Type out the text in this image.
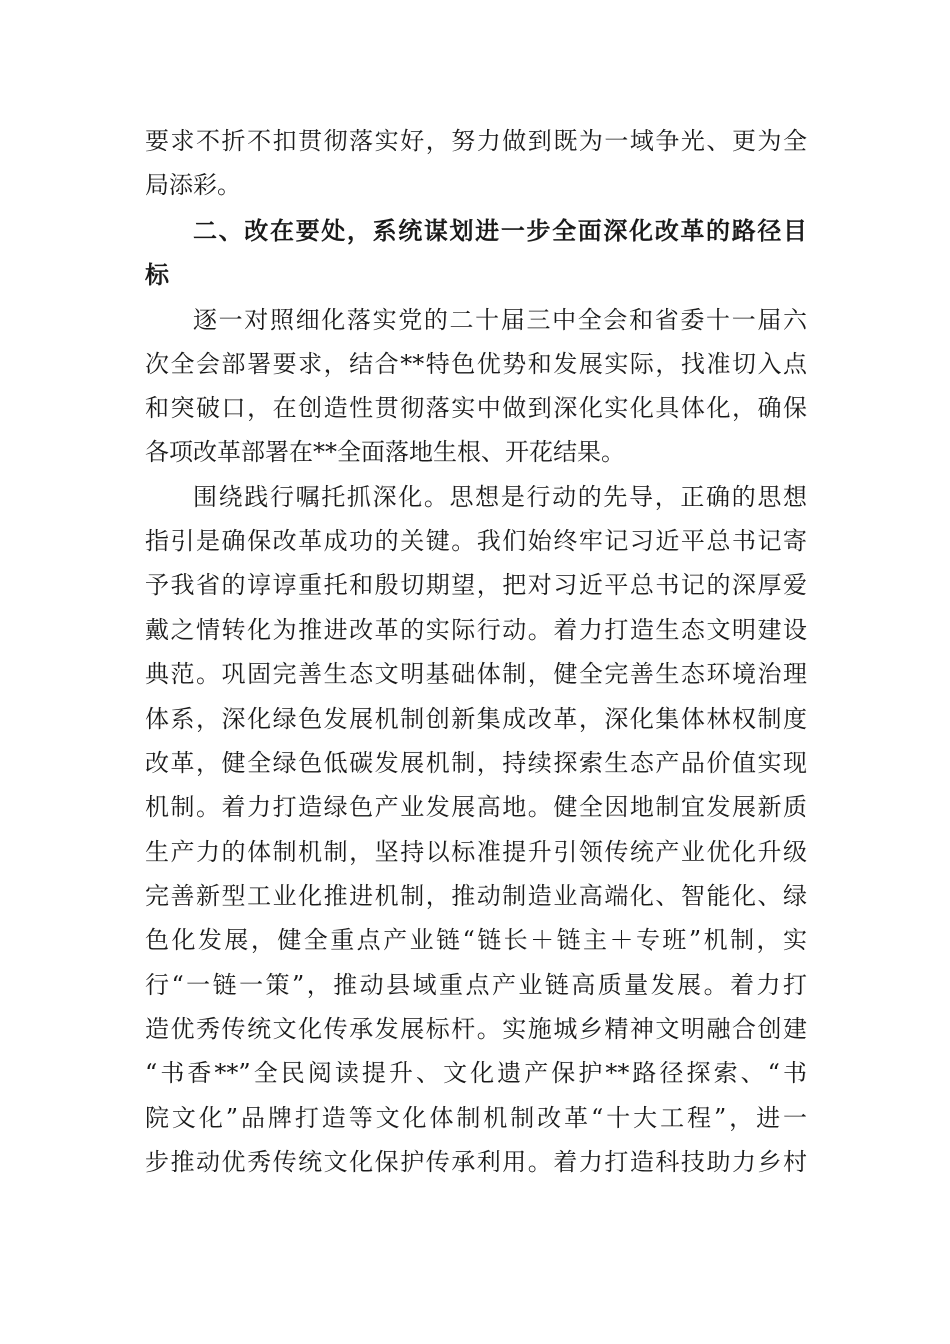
要求不折不扣贯彻落实好，努力做到既为一域争光、更为全
局添彩。
二、改在要处，系统谋划进一步全面深化改革的路径目
标
逐一对照细化落实党的二十届三中全会和省委十一届六
次全会部署要求，结合**特色优势和发展实际，找准切入点
和突破口，在创造性贯彻落实中做到深化实化具体化，确保
各项改革部署在**全面落地生根、开花结果。
围绕践行嘱托抓深化。思想是行动的先导，正确的思想
指引是确保改革成功的关键。我们始终牢记习近平总书记寄
予我省的谆谆重托和殷切期望，把对习近平总书记的深厚爱
戴之情转化为推进改革的实际行动。着力打造生态文明建设
典范。巩固完善生态文明基础体制，健全完善生态环境治理
体系，深化绿色发展机制创新集成改革，深化集体林权制度
改革，健全绿色低碳发展机制，持续探索生态产品价值实现
机制。着力打造绿色产业发展高地。健全因地制宜发展新质
生产力的体制机制，坚持以标准提升引领传统产业优化升级
完善新型工业化推进机制，推动制造业高端化、智能化、绿
色化发展，健全重点产业链“链长＋链主＋专班”机制，实
行“一链一策”，推动县域重点产业链高质量发展。着力打
造优秀传统文化传承发展标杆。实施城乡精神文明融合创建
“书香**”全民阅读提升、文化遗产保护**路径探索、“书
院文化”品牌打造等文化体制机制改革“十大工程”，进一
步推动优秀传统文化保护传承利用。着力打造科技助力乡村
